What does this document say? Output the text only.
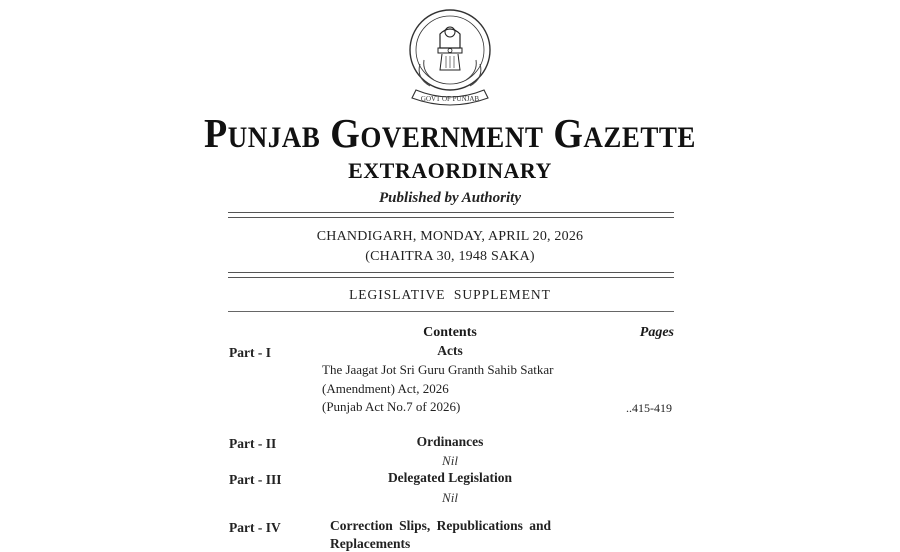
GOVT OF PUNJAB
Punjab Government Gazette
EXTRAORDINARY
Published by Authority
CHANDIGARH, MONDAY, APRIL 20, 2026
(CHAITRA 30, 1948 SAKA)
LEGISLATIVE SUPPLEMENT
Contents	Pages
Part - I	Acts
The Jaagat Jot Sri Guru Granth Sahib Satkar
(Amendment) Act, 2026
(Punjab Act No.7 of 2026)	..415-419
Part - II	Ordinances
Nil
Part - III	Delegated Legislation
Nil
Part - IV	Correction Slips, Republications and
Replacements
